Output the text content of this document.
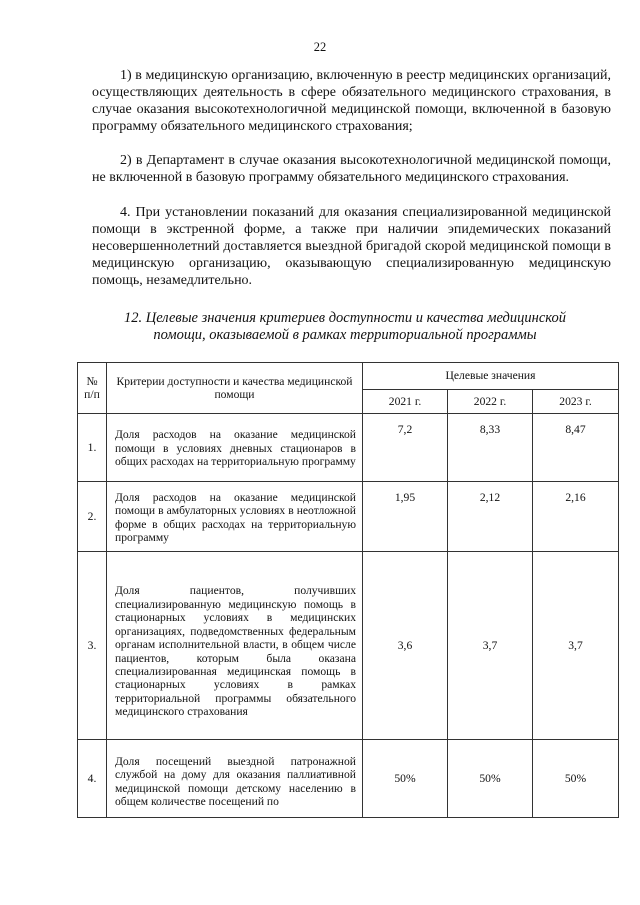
22
1) в медицинскую организацию, включенную в реестр медицинских организаций, осуществляющих деятельность в сфере обязательного медицинского страхования, в случае оказания высокотехнологичной медицинской помощи, включенной в базовую программу обязательного медицинского страхования;
2) в Департамент в случае оказания высокотехнологичной медицинской помощи, не включенной в базовую программу обязательного медицинского страхования.
4. При установлении показаний для оказания специализированной медицинской помощи в экстренной форме, а также при наличии эпидемических показаний несовершеннолетний доставляется выездной бригадой скорой медицинской помощи в медицинскую организацию, оказывающую специализированную медицинскую помощь, незамедлительно.
12. Целевые значения критериев доступности и качества медицинской помощи, оказываемой в рамках территориальной программы
№ п/п	Критерии доступности и качества медицинской помощи	Целевые значения		
		2021 г.	2022 г.	2023 г.
1.	Доля расходов на оказание медицинской помощи в условиях дневных стационаров в общих расходах на территориальную программу	7,2	8,33	8,47
2.	Доля расходов на оказание медицинской помощи в амбулаторных условиях в неотложной форме в общих расходах на территориальную программу	1,95	2,12	2,16
3.	Доля пациентов, получивших специализированную медицинскую помощь в стационарных условиях в медицинских организациях, подведомственных федеральным органам исполнительной власти, в общем числе пациентов, которым была оказана специализированная медицинская помощь в стационарных условиях в рамках территориальной программы обязательного медицинского страхования	3,6	3,7	3,7
4.	Доля посещений выездной патронажной службой на дому для оказания паллиативной медицинской помощи детскому населению в общем количестве посещений по	50%	50%	50%
